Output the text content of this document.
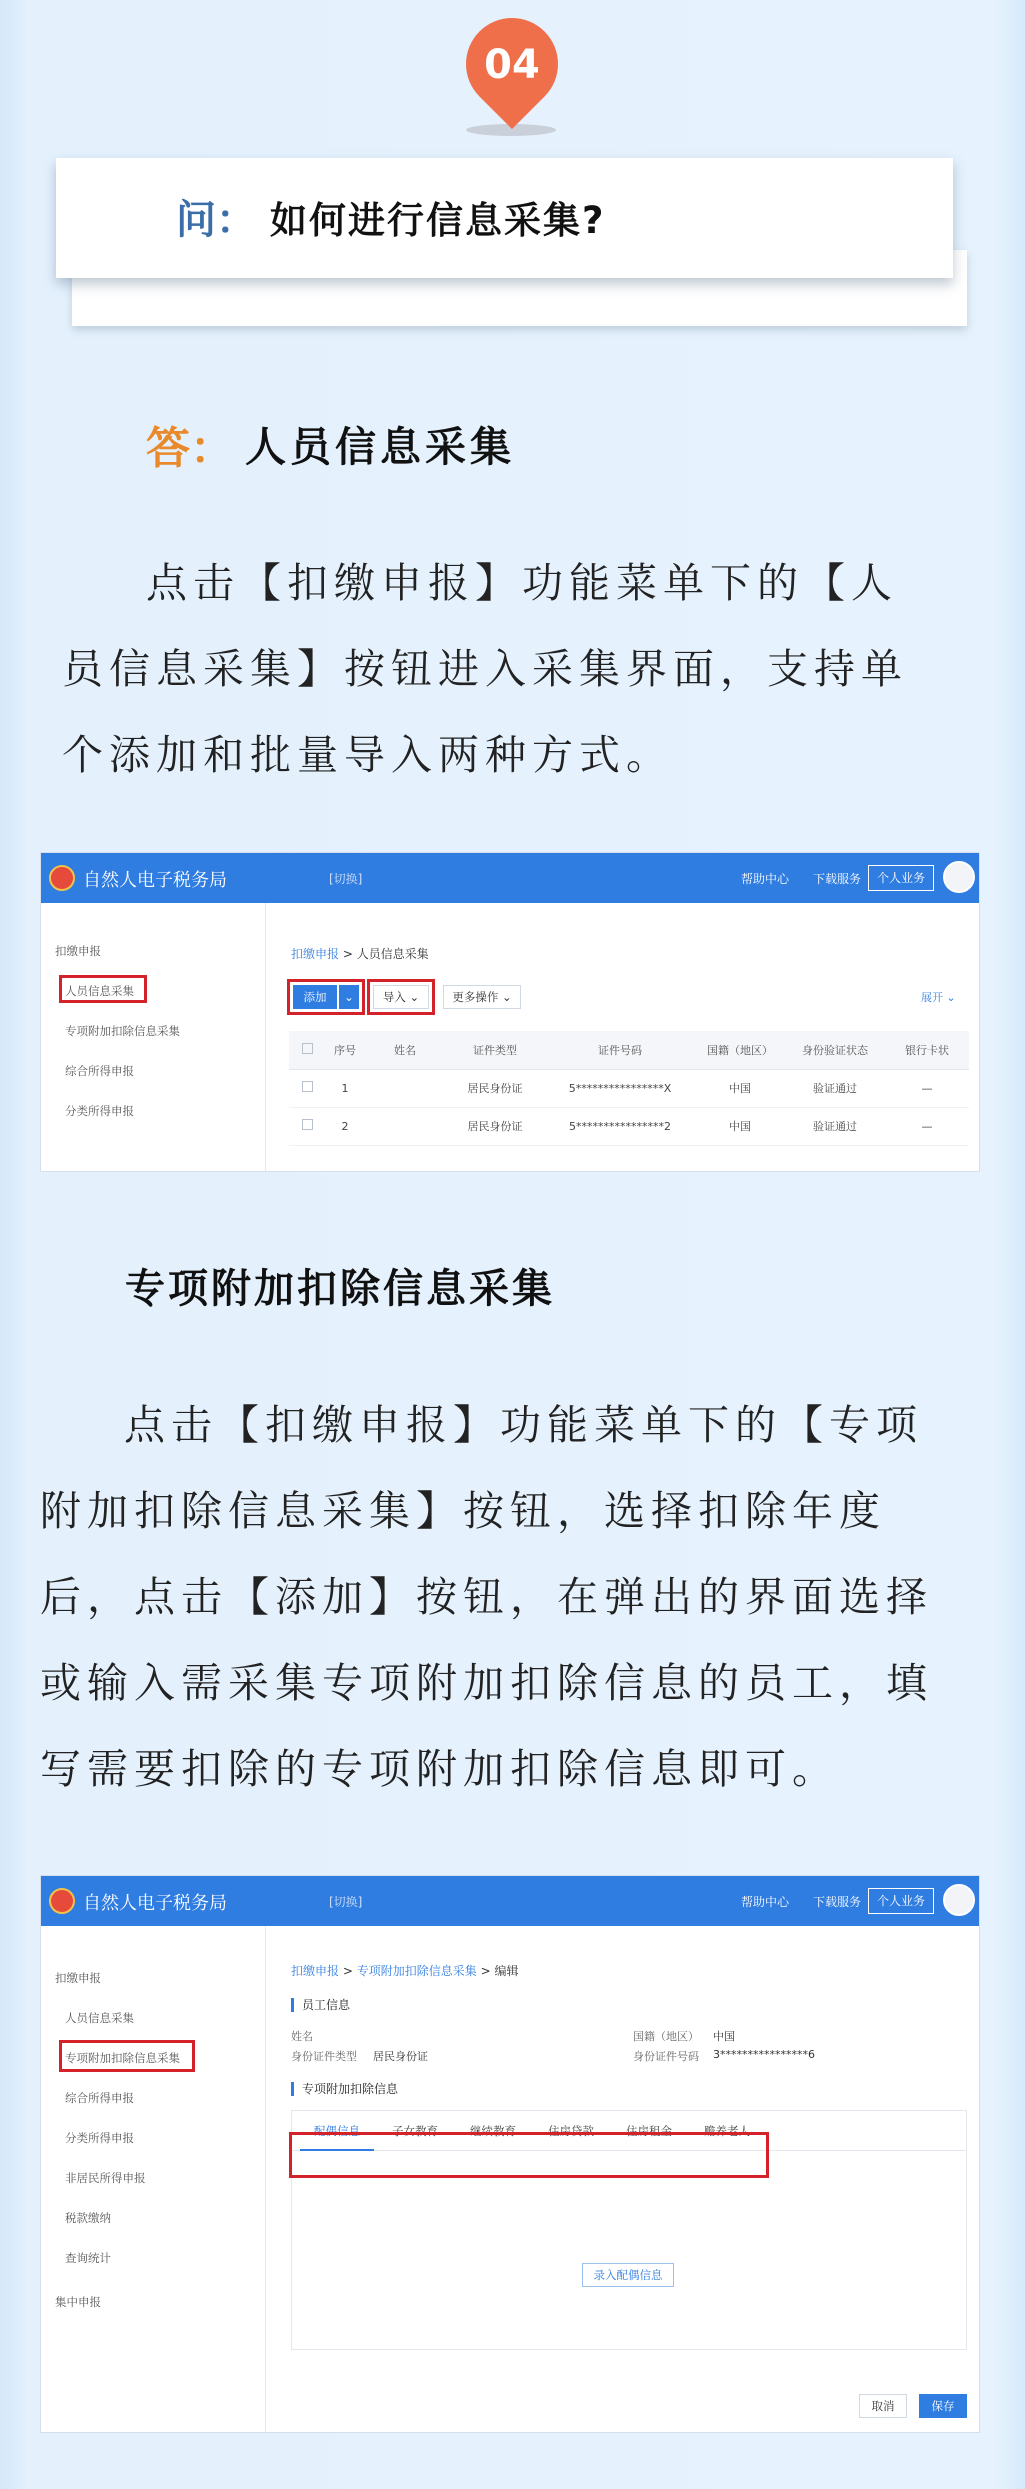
04
问： 如何进行信息采集?
答： 人员信息采集
点击【扣缴申报】功能菜单下的【人
员信息采集】按钮进入采集界面，支持单
个添加和批量导入两种方式。
自然人电子税务局	[切换]	帮助中心 下载服务	个人业务
扣缴申报
人员信息采集
专项附加扣除信息采集
综合所得申报
分类所得申报
扣缴申报 > 人员信息采集
添加	⌄	导入 ⌄	更多操作 ⌄	展开 ⌄
	序号	姓名	证件类型	证件号码	国籍（地区）	身份验证状态	银行卡状
	1		居民身份证	5****************X	中国	验证通过	—
	2		居民身份证	5****************2	中国	验证通过	—
专项附加扣除信息采集
点击【扣缴申报】功能菜单下的【专项
附加扣除信息采集】按钮，选择扣除年度
后，点击【添加】按钮，在弹出的界面选择
或输入需采集专项附加扣除信息的员工，填
写需要扣除的专项附加扣除信息即可。
自然人电子税务局	[切换]	帮助中心 下载服务	个人业务
扣缴申报
人员信息采集
专项附加扣除信息采集
综合所得申报
分类所得申报
非居民所得申报
税款缴纳
查询统计
集中申报
扣缴申报 > 专项附加扣除信息采集 > 编辑
员工信息
姓名
身份证件类型 居民身份证
国籍（地区） 中国
身份证件号码 3****************6
专项附加扣除信息
配偶信息	子女教育	继续教育	住房贷款	住房租金	赡养老人
录入配偶信息
取消	保存
